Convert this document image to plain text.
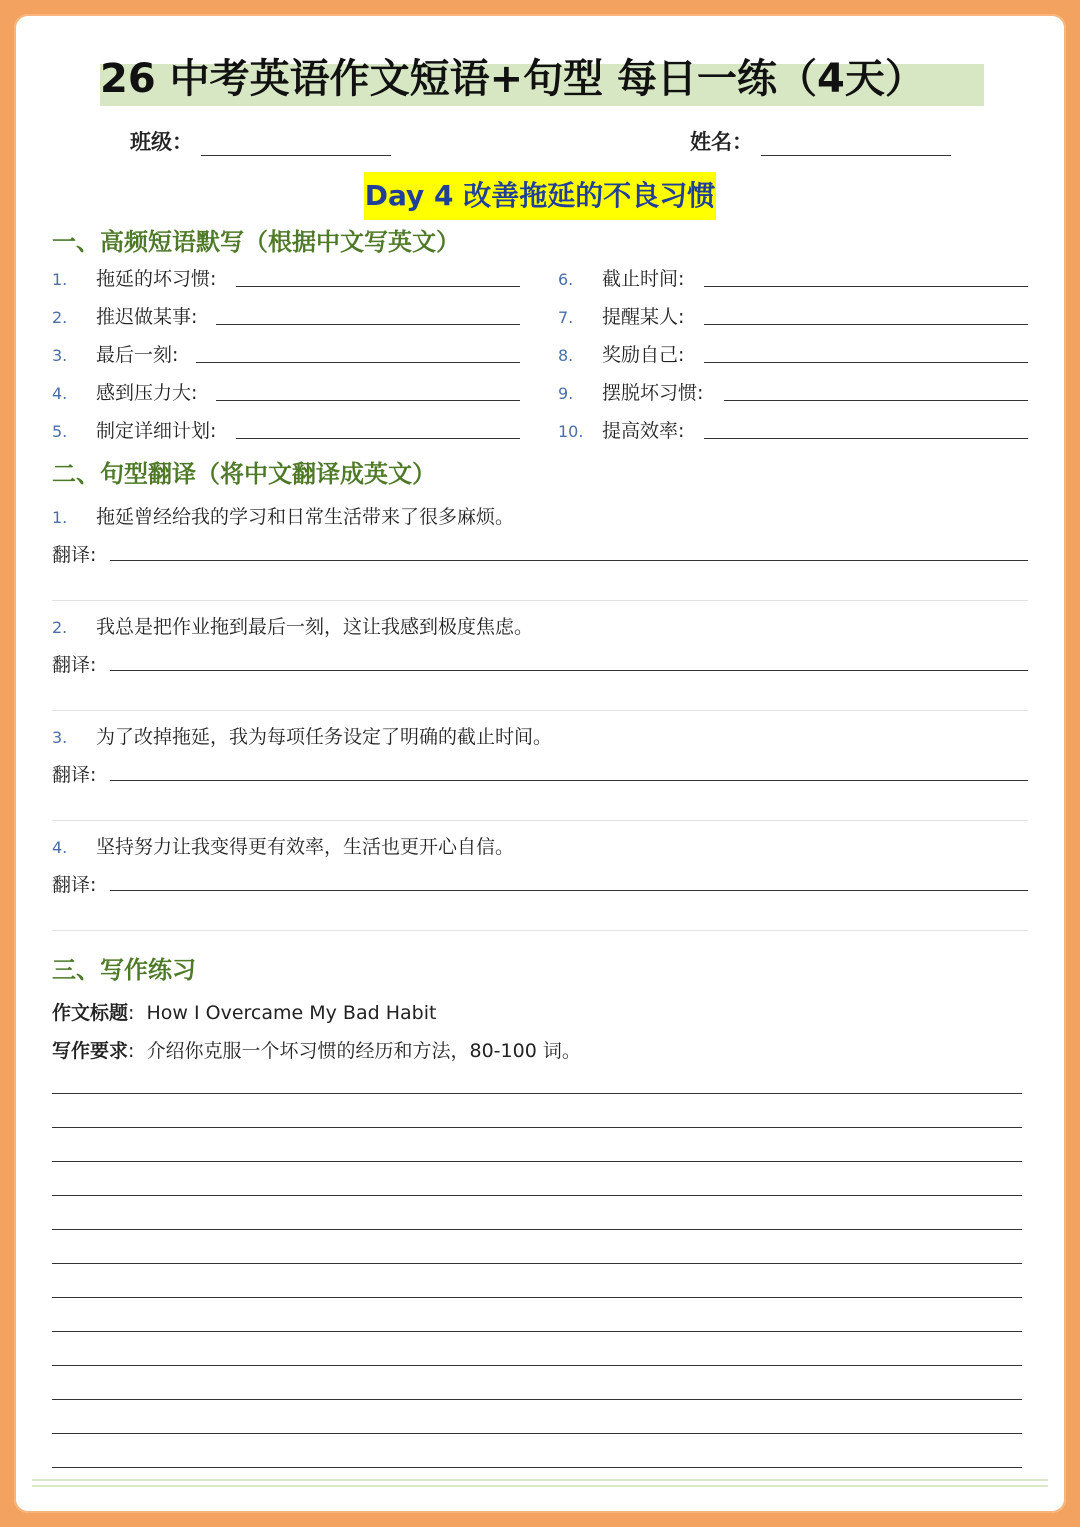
26 中考英语作文短语+句型 每日一练（4天）
班级：	姓名：
Day 4 改善拖延的不良习惯
一、高频短语默写（根据中文写英文）
1. 拖延的坏习惯:
2. 推迟做某事:
3. 最后一刻:
4. 感到压力大:
5. 制定详细计划:
6. 截止时间:
7. 提醒某人:
8. 奖励自己:
9. 摆脱坏习惯:
10. 提高效率:
二、句型翻译（将中文翻译成英文）
1. 拖延曾经给我的学习和日常生活带来了很多麻烦。
翻译:
2. 我总是把作业拖到最后一刻，这让我感到极度焦虑。
翻译:
3. 为了改掉拖延，我为每项任务设定了明确的截止时间。
翻译:
4. 坚持努力让我变得更有效率，生活也更开心自信。
翻译:
三、写作练习
作文标题:  How I Overcame My Bad Habit
写作要求:  介绍你克服一个坏习惯的经历和方法，80-100 词。
